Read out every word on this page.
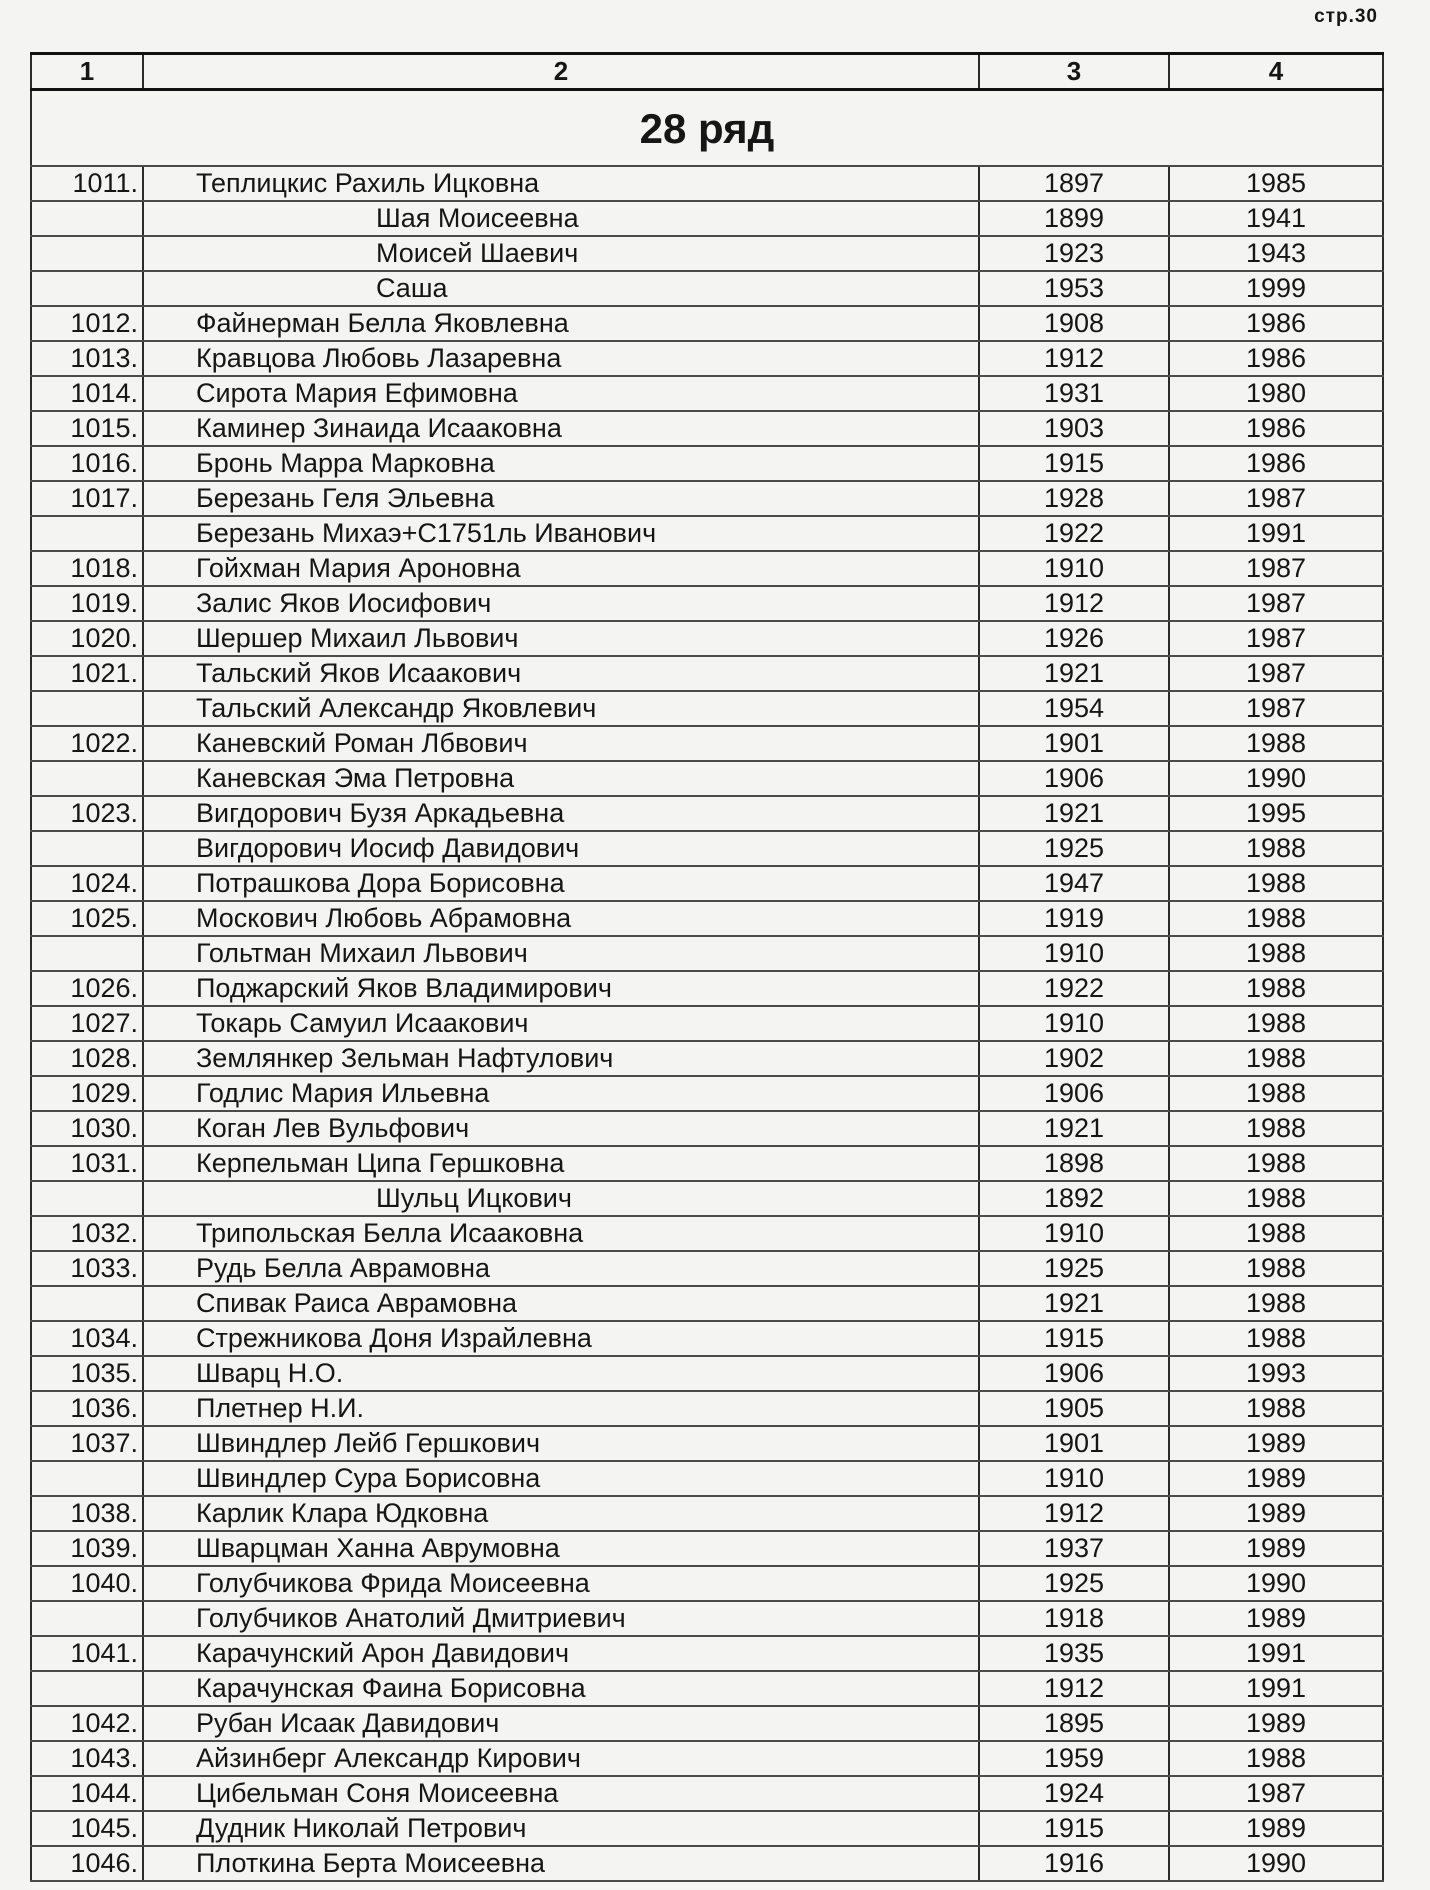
стр.30
1	2	3	4
28 ряд			
1011.	Теплицкис Рахиль Ицковна	1897	1985
	Шая Моисеевна	1899	1941
	Моисей Шаевич	1923	1943
	Саша	1953	1999
1012.	Файнерман Белла Яковлевна	1908	1986
1013.	Кравцова Любовь Лазаревна	1912	1986
1014.	Сирота Мария Ефимовна	1931	1980
1015.	Каминер Зинаида Исааковна	1903	1986
1016.	Бронь Марра Марковна	1915	1986
1017.	Березань Геля Эльевна	1928	1987
	Березань Михаэ+C1751ль Иванович	1922	1991
1018.	Гойхман Мария Ароновна	1910	1987
1019.	Залис Яков Иосифович	1912	1987
1020.	Шершер Михаил Львович	1926	1987
1021.	Тальский Яков Исаакович	1921	1987
	Тальский Александр Яковлевич	1954	1987
1022.	Каневский Роман Лбвович	1901	1988
	Каневская Эма Петровна	1906	1990
1023.	Вигдорович Бузя Аркадьевна	1921	1995
	Вигдорович Иосиф Давидович	1925	1988
1024.	Потрашкова Дора Борисовна	1947	1988
1025.	Москович Любовь Абрамовна	1919	1988
	Гольтман Михаил Львович	1910	1988
1026.	Поджарский Яков Владимирович	1922	1988
1027.	Токарь Самуил Исаакович	1910	1988
1028.	Землянкер Зельман Нафтулович	1902	1988
1029.	Годлис Мария Ильевна	1906	1988
1030.	Коган Лев Вульфович	1921	1988
1031.	Керпельман Ципа Гершковна	1898	1988
	Шульц Ицкович	1892	1988
1032.	Трипольская Белла Исааковна	1910	1988
1033.	Рудь Белла Аврамовна	1925	1988
	Спивак Раиса Аврамовна	1921	1988
1034.	Стрежникова Доня Израйлевна	1915	1988
1035.	Шварц Н.О.	1906	1993
1036.	Плетнер Н.И.	1905	1988
1037.	Швиндлер Лейб Гершкович	1901	1989
	Швиндлер Сура Борисовна	1910	1989
1038.	Карлик Клара Юдковна	1912	1989
1039.	Шварцман Ханна Аврумовна	1937	1989
1040.	Голубчикова Фрида Моисеевна	1925	1990
	Голубчиков Анатолий Дмитриевич	1918	1989
1041.	Карачунский Арон Давидович	1935	1991
	Карачунская Фаина Борисовна	1912	1991
1042.	Рубан Исаак Давидович	1895	1989
1043.	Айзинберг Александр Кирович	1959	1988
1044.	Цибельман Соня Моисеевна	1924	1987
1045.	Дудник Николай Петрович	1915	1989
1046.	Плоткина Берта Моисеевна	1916	1990
